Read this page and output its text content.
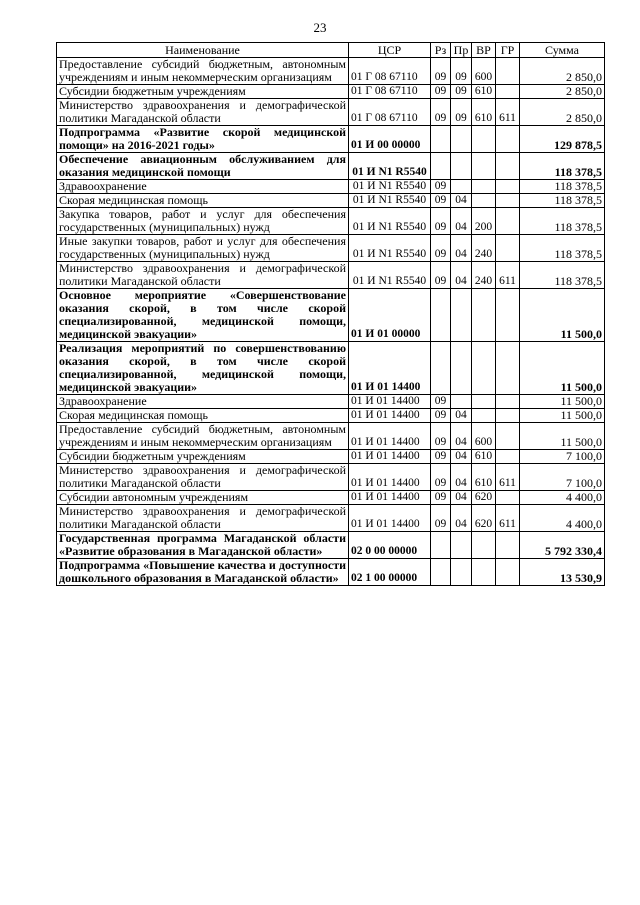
23
Наименование	ЦСР	Рз	Пр	ВР	ГР	Сумма
Предоставление субсидий бюджетным, автономным учреждениям и иным некоммерческим организациям	01 Г 08 67110	09	09	600		2 850,0
Субсидии бюджетным учреждениям	01 Г 08 67110	09	09	610		2 850,0
Министерство здравоохранения и демографической политики Магаданской области	01 Г 08 67110	09	09	610	611	2 850,0
Подпрограмма «Развитие скорой медицинской помощи» на 2016-2021 годы»	01 И 00 00000					129 878,5
Обеспечение авиационным обслуживанием для оказания медицинской помощи	01 И N1 R5540					118 378,5
Здравоохранение	01 И N1 R5540	09				118 378,5
Скорая медицинская помощь	01 И N1 R5540	09	04			118 378,5
Закупка товаров, работ и услуг для обеспечения государственных (муниципальных) нужд	01 И N1 R5540	09	04	200		118 378,5
Иные закупки товаров, работ и услуг для обеспечения государственных (муниципальных) нужд	01 И N1 R5540	09	04	240		118 378,5
Министерство здравоохранения и демографической политики Магаданской области	01 И N1 R5540	09	04	240	611	118 378,5
Основное мероприятие «Совершенствование оказания скорой, в том числе скорой специализированной, медицинской помощи, медицинской эвакуации»	01 И 01 00000					11 500,0
Реализация мероприятий по совершенствованию оказания скорой, в том числе скорой специализированной, медицинской помощи, медицинской эвакуации»	01 И 01 14400					11 500,0
Здравоохранение	01 И 01 14400	09				11 500,0
Скорая медицинская помощь	01 И 01 14400	09	04			11 500,0
Предоставление субсидий бюджетным, автономным учреждениям и иным некоммерческим организациям	01 И 01 14400	09	04	600		11 500,0
Субсидии бюджетным учреждениям	01 И 01 14400	09	04	610		7 100,0
Министерство здравоохранения и демографической политики Магаданской области	01 И 01 14400	09	04	610	611	7 100,0
Субсидии автономным учреждениям	01 И 01 14400	09	04	620		4 400,0
Министерство здравоохранения и демографической политики Магаданской области	01 И 01 14400	09	04	620	611	4 400,0
Государственная программа Магаданской области «Развитие образования в Магаданской области»	02 0 00 00000					5 792 330,4
Подпрограмма «Повышение качества и доступности дошкольного образования в Магаданской области»	02 1 00 00000					13 530,9
